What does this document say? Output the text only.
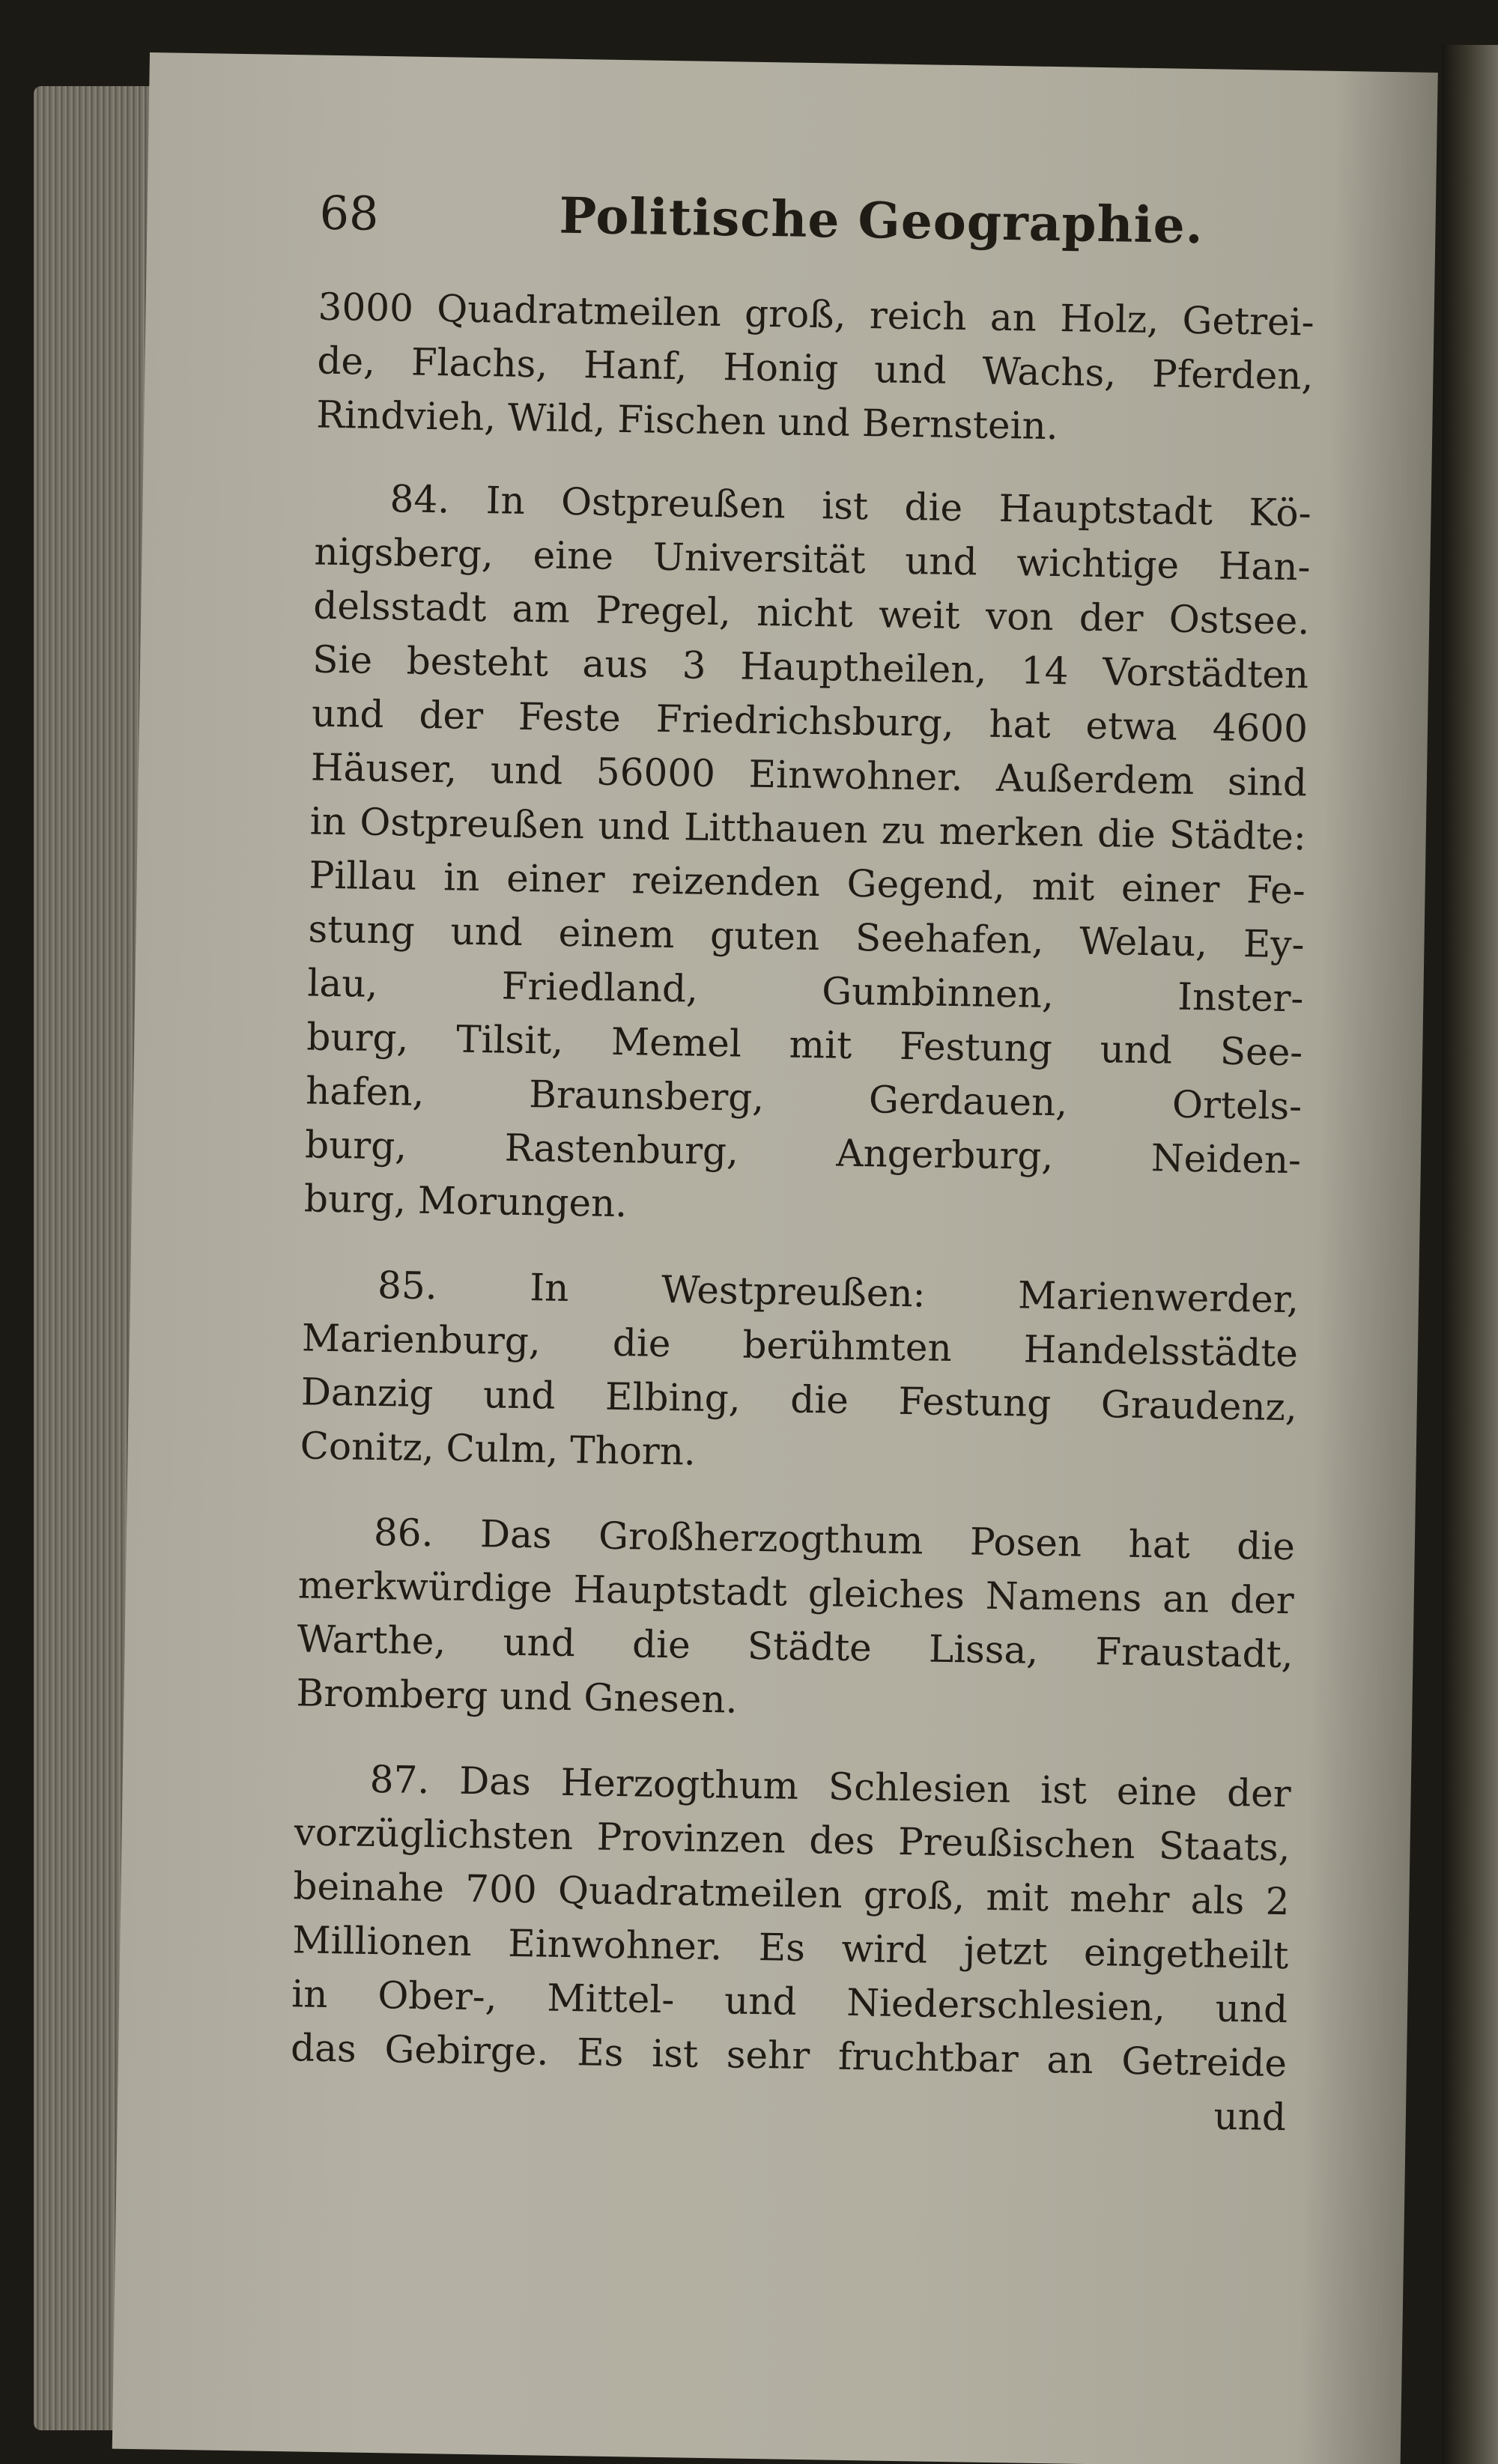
68	Politische Geographie.
3000 Quadratmeilen groß, reich an Holz, Getrei-
de, Flachs, Hanf, Honig und Wachs, Pferden,
Rindvieh, Wild, Fischen und Bernstein.
84. In Ostpreußen ist die Hauptstadt Kö-
nigsberg, eine Universität und wichtige Han-
delsstadt am Pregel, nicht weit von der Ostsee.
Sie besteht aus 3 Hauptheilen, 14 Vorstädten
und der Feste Friedrichsburg, hat etwa 4600
Häuser, und 56000 Einwohner. Außerdem sind
in Ostpreußen und Litthauen zu merken die Städte:
Pillau in einer reizenden Gegend, mit einer Fe-
stung und einem guten Seehafen, Welau, Ey-
lau, Friedland, Gumbinnen, Inster-
burg, Tilsit, Memel mit Festung und See-
hafen, Braunsberg, Gerdauen, Ortels-
burg, Rastenburg, Angerburg, Neiden-
burg, Morungen.
85. In Westpreußen: Marienwerder,
Marienburg, die berühmten Handelsstädte
Danzig und Elbing, die Festung Graudenz,
Conitz, Culm, Thorn.
86. Das Großherzogthum Posen hat die
merkwürdige Hauptstadt gleiches Namens an der
Warthe, und die Städte Lissa, Fraustadt,
Bromberg und Gnesen.
87. Das Herzogthum Schlesien ist eine der
vorzüglichsten Provinzen des Preußischen Staats,
beinahe 700 Quadratmeilen groß, mit mehr als 2
Millionen Einwohner. Es wird jetzt eingetheilt
in Ober-, Mittel- und Niederschlesien, und
das Gebirge. Es ist sehr fruchtbar an Getreide
und
